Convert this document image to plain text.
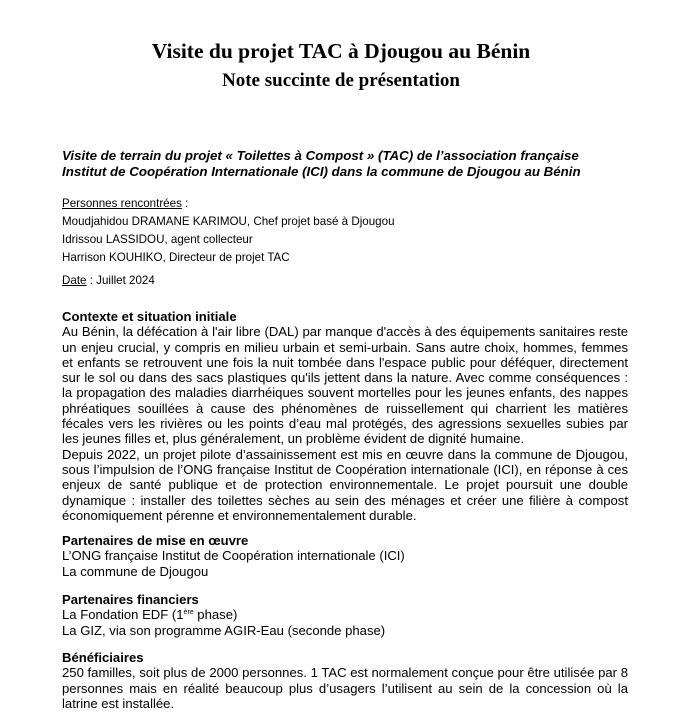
Visite du projet TAC à Djougou au Bénin
Note succinte de présentation
Visite de terrain du projet « Toilettes à Compost » (TAC) de l’association française
Institut de Coopération Internationale (ICI) dans la commune de Djougou au Bénin
Personnes rencontrées :
Moudjahidou DRAMANE KARIMOU, Chef projet basé à Djougou
Idrissou LASSIDOU, agent collecteur
Harrison KOUHIKO, Directeur de projet TAC
Date : Juillet 2024
Contexte et situation initiale
Au Bénin, la défécation à l'air libre (DAL) par manque d'accès à des équipements sanitaires reste un enjeu crucial, y compris en milieu urbain et semi-urbain. Sans autre choix, hommes, femmes et enfants se retrouvent une fois la nuit tombée dans l'espace public pour déféquer, directement sur le sol ou dans des sacs plastiques qu'ils jettent dans la nature. Avec comme conséquences : la propagation des maladies diarrhéiques souvent mortelles pour les jeunes enfants, des nappes phréatiques souillées à cause des phénomènes de ruissellement qui charrient les matières fécales vers les rivières ou les points d’eau mal protégés, des agressions sexuelles subies par les jeunes filles et, plus généralement, un problème évident de dignité humaine.
Depuis 2022, un projet pilote d’assainissement est mis en œuvre dans la commune de Djougou, sous l’impulsion de l’ONG française Institut de Coopération internationale (ICI), en réponse à ces enjeux de santé publique et de protection environnementale. Le projet poursuit une double dynamique : installer des toilettes sèches au sein des ménages et créer une filière à compost économiquement pérenne et environnementalement durable.
Partenaires de mise en œuvre
L’ONG française Institut de Coopération internationale (ICI)
La commune de Djougou
Partenaires financiers
La Fondation EDF (1ère phase)
La GIZ, via son programme AGIR-Eau (seconde phase)
Bénéficiaires
250 familles, soit plus de 2000 personnes. 1 TAC est normalement conçue pour être utilisée par 8 personnes mais en réalité beaucoup plus d’usagers l’utilisent au sein de la concession où la latrine est installée.
